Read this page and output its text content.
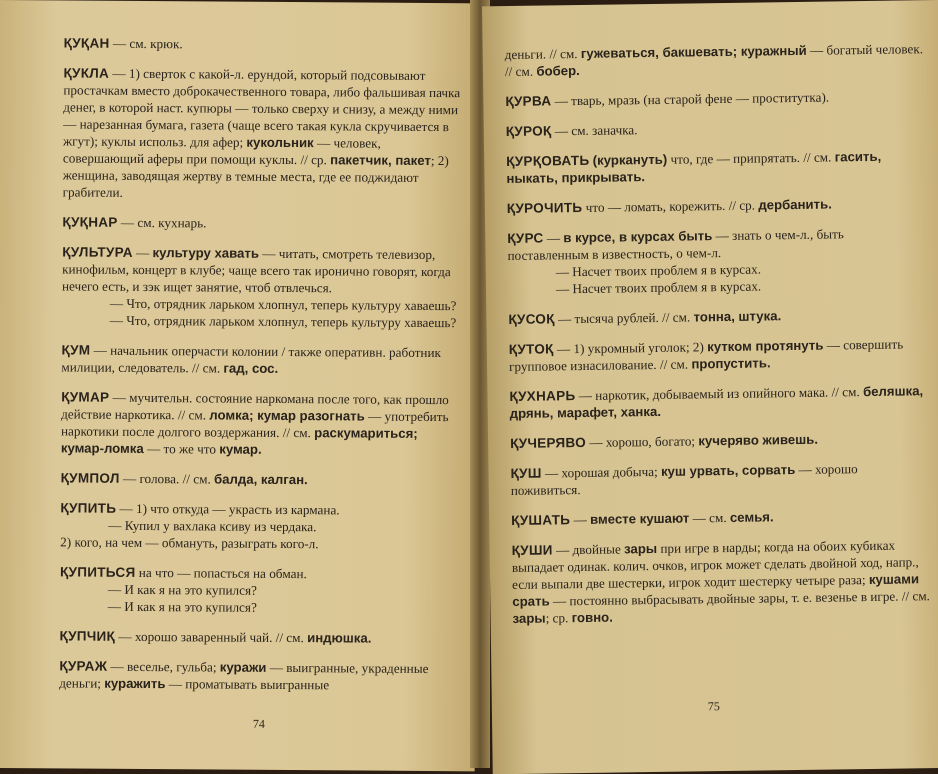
ҚУҚАН — см. крюк.
ҚУКЛА — 1) сверток с какой-л. ерундой, который подсовывают простачкам вместо доброкачественного товара, либо фальшивая пачка денег, в которой наст. купюры — только сверху и снизу, а между ними — нарезанная бумага, газета (чаще всего такая кукла скручивается в жгут); куклы использ. для афер; кукольник — человек, совершающий аферы при помощи куклы. // ср. пакетчик, пакет; 2) женщина, заводящая жертву в темные места, где ее поджидают грабители.
ҚУҚНАР — см. кухнарь.
ҚУЛЬТУРА — культуру хавать — читать, смотреть телевизор, кинофильм, концерт в клубе; чаще всего так иронично говорят, когда нечего есть, и зэк ищет занятие, чтоб отвлечься.
— Что, отрядник ларьком хлопнул, теперь культуру хаваешь?
— Что, отрядник ларьком хлопнул, теперь культуру хаваешь?
ҚУМ — начальник оперчасти колонии / также оперативн. работник милиции, следователь. // см. гад, сос.
ҚУМАР — мучительн. состояние наркомана после того, как прошло действие наркотика. // см. ломка; кумар разогнать — употребить наркотики после долгого воздержания. // см. раскумариться; кумар-ломка — то же что кумар.
ҚУМПОЛ — голова. // см. балда, калган.
ҚУПИТЬ — 1) что откуда — украсть из кармана.
— Купил у вахлака ксиву из чердака.
2) кого, на чем — обмануть, разыграть кого-л.
ҚУПИТЬСЯ на что — попасться на обман.
— И как я на это купился?
— И как я на это купился?
ҚУПЧИҚ — хорошо заваренный чай. // см. индюшка.
ҚУРАЖ — веселье, гульба; куражи — выигранные, украденные деньги; куражить — проматывать выигранные
74
деньги. // см. гужеваться, бакшевать; куражный — богатый человек. // см. бобер.
ҚУРВА — тварь, мразь (на старой фене — проститутка).
ҚУРОҚ — см. заначка.
ҚУРҚОВАТЬ (куркануть) что, где — припрятать. // см. гасить, ныкать, прикрывать.
ҚУРОЧИТЬ что — ломать, корежить. // ср. дербанить.
ҚУРС — в курсе, в курсах быть — знать о чем-л., быть поставленным в известность, о чем-л.
— Насчет твоих проблем я в курсах.
— Насчет твоих проблем я в курсах.
ҚУСОҚ — тысяча рублей. // см. тонна, штука.
ҚУТОҚ — 1) укромный уголок; 2) кутком протянуть — совершить групповое изнасилование. // см. пропустить.
ҚУХНАРЬ — наркотик, добываемый из опийного мака. // см. беляшка, дрянь, марафет, ханка.
ҚУЧЕРЯВО — хорошо, богато; кучеряво живешь.
ҚУШ — хорошая добыча; куш урвать, сорвать — хорошо поживиться.
ҚУШАТЬ — вместе кушают — см. семья.
ҚУШИ — двойные зары при игре в нарды; когда на обоих кубиках выпадает одинак. колич. очков, игрок может сделать двойной ход, напр., если выпали две шестерки, игрок ходит шестерку четыре раза; кушами срать — постоянно выбрасывать двойные зары, т. е. везенье в игре. // см. зары; ср. говно.
75
